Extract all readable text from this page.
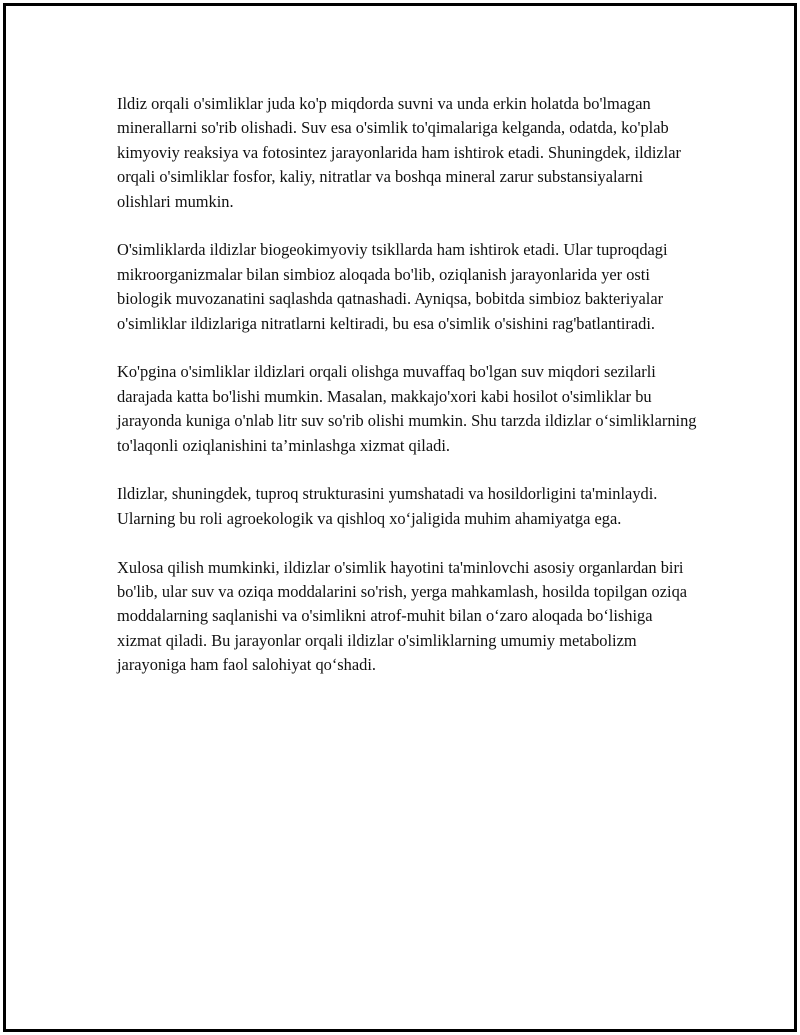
Ildiz orqali o'simliklar juda ko'p miqdorda suvni va unda erkin holatda bo'lmagan minerallarni so'rib olishadi. Suv esa o'simlik to'qimalariga kelganda, odatda, ko'plab kimyoviy reaksiya va fotosintez jarayonlarida ham ishtirok etadi. Shuningdek, ildizlar orqali o'simliklar fosfor, kaliy, nitratlar va boshqa mineral zarur substansiyalarni olishlari mumkin.

O'simliklarda ildizlar biogeokimyoviy tsikllarda ham ishtirok etadi. Ular tuproqdagi mikroorganizmalar bilan simbioz aloqada bo'lib, oziqlanish jarayonlarida yer osti biologik muvozanatini saqlashda qatnashadi. Ayniqsa, bobitda simbioz bakteriyalar o'simliklar ildizlariga nitratlarni keltiradi, bu esa o'simlik o'sishini rag'batlantiradi.

Ko'pgina o'simliklar ildizlari orqali olishga muvaffaq bo'lgan suv miqdori sezilarli darajada katta bo'lishi mumkin. Masalan, makkajo'xori kabi hosilot o'simliklar bu jarayonda kuniga o'nlab litr suv so'rib olishi mumkin. Shu tarzda ildizlar o‘simliklarning to'laqonli oziqlanishini ta’minlashga xizmat qiladi.

Ildizlar, shuningdek, tuproq strukturasini yumshatadi va hosildorligini ta'minlaydi. Ularning bu roli agroekologik va qishloq xo‘jaligida muhim ahamiyatga ega.

Xulosa qilish mumkinki, ildizlar o'simlik hayotini ta'minlovchi asosiy organlardan biri bo'lib, ular suv va oziqa moddalarini so'rish, yerga mahkamlash, hosilda topilgan oziqa moddalarning saqlanishi va o'simlikni atrof-muhit bilan o‘zaro aloqada bo‘lishiga xizmat qiladi. Bu jarayonlar orqali ildizlar o'simliklarning umumiy metabolizm jarayoniga ham faol salohiyat qo‘shadi.
